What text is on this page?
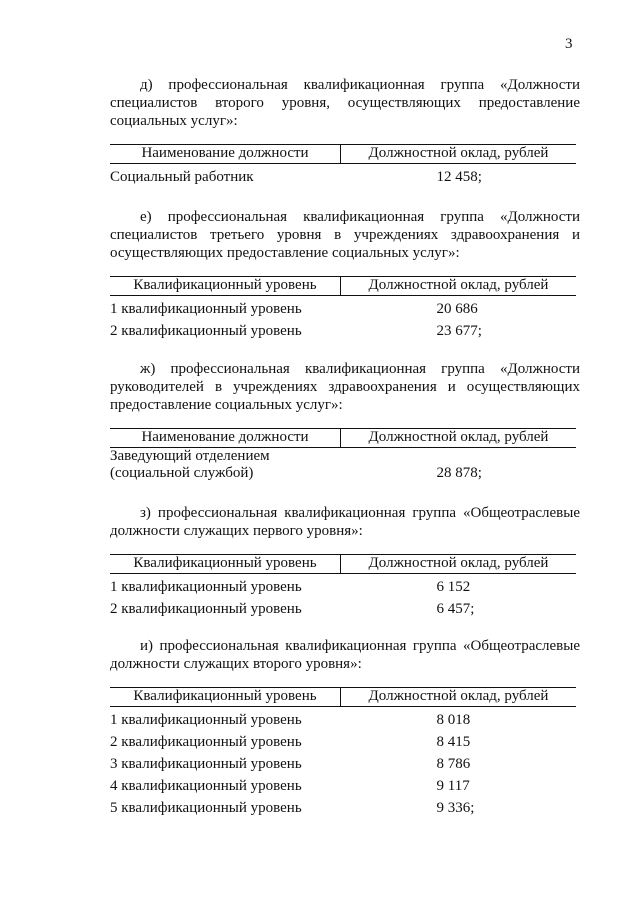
3

д) профессиональная квалификационная группа «Должности специалистов второго уровня, осуществляющих предоставление социальных услуг»:

Наименование должности	Должностной оклад, рублей
Социальный работник	12 458;

е) профессиональная квалификационная группа «Должности специалистов третьего уровня в учреждениях здравоохранения и осуществляющих предоставление социальных услуг»:

Квалификационный уровень	Должностной оклад, рублей
1 квалификационный уровень	20 686
2 квалификационный уровень	23 677;

ж) профессиональная квалификационная группа «Должности руководителей в учреждениях здравоохранения и осуществляющих предоставление социальных услуг»:

Наименование должности	Должностной оклад, рублей
Заведующий отделением	
(социальной службой)	28 878;

з) профессиональная квалификационная группа «Общеотраслевые должности служащих первого уровня»:

Квалификационный уровень	Должностной оклад, рублей
1 квалификационный уровень	6 152
2 квалификационный уровень	6 457;

и) профессиональная квалификационная группа «Общеотраслевые должности служащих второго уровня»:

Квалификационный уровень	Должностной оклад, рублей
1 квалификационный уровень	8 018
2 квалификационный уровень	8 415
3 квалификационный уровень	8 786
4 квалификационный уровень	9 117
5 квалификационный уровень	9 336;
